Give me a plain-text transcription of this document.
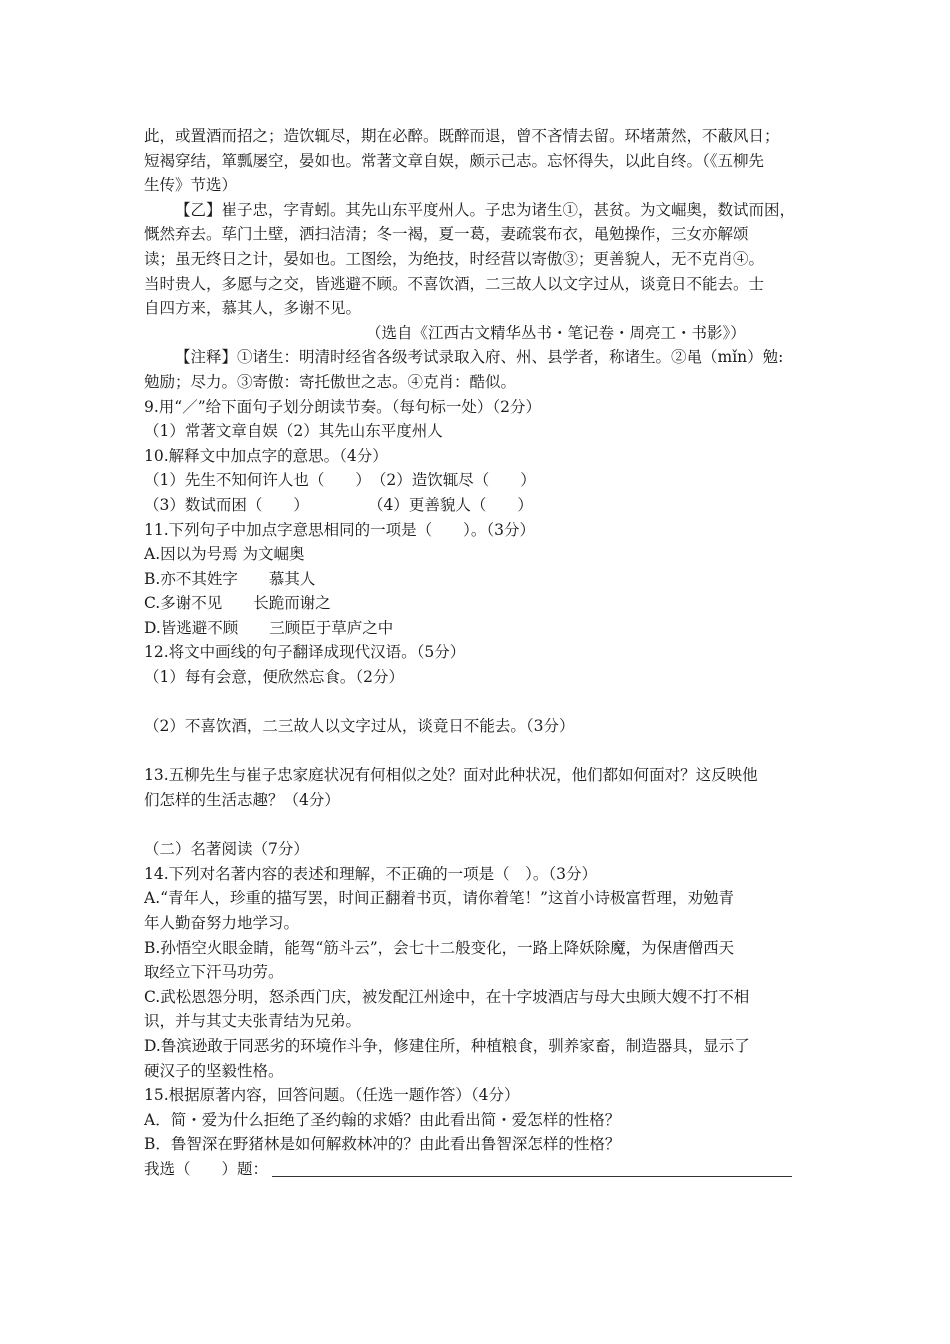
此，或置酒而招之；造饮辄尽，期在必醉。既醉而退，曾不吝情去留。环堵萧然，不蔽风日；
短褐穿结，箪瓢屡空，晏如也。常著文章自娱，颇示己志。忘怀得失，以此自终。（《五柳先
生传》节选）
【乙】崔子忠，字青蚓。其先山东平度州人。子忠为诸生①，甚贫。为文崛奥，数试而困，
慨然弃去。荜门土壁，洒扫洁清；冬一褐，夏一葛，妻疏裳布衣，黾勉操作，三女亦解颂
读；虽无终日之计，晏如也。工图绘，为绝技，时经营以寄傲③；更善貌人，无不克肖④。
当时贵人，多愿与之交，皆逃避不顾。不喜饮酒，二三故人以文字过从，谈竟日不能去。士
自四方来，慕其人，多谢不见。
（选自《江西古文精华丛书・笔记卷・周亮工・书影》）
【注释】①诸生：明清时经省各级考试录取入府、州、县学者，称诸生。②黾（mǐn）勉:
勉励；尽力。③寄傲：寄托傲世之志。④克肖：酷似。
9.用“／”给下面句子划分朗读节奏。（每句标一处）（2分）
（1）常著文章自娱（2）其先山东平度州人
10.解释文中加点字的意思。（4分）
（1）先生不知何许人也（　　）　（2）造饮辄尽（　　）
（3）数试而困（　　）　　　　 （4）更善貌人（　　）
11.下列句子中加点字意思相同的一项是（　　）。（3分）
A.因以为号焉 为文崛奥
B.亦不其姓字　　慕其人
C.多谢不见　　长跪而谢之
D.皆逃避不顾　　三顾臣于草庐之中
12.将文中画线的句子翻译成现代汉语。（5分）
（1）每有会意，便欣然忘食。（2分）
（2）不喜饮酒，二三故人以文字过从，谈竟日不能去。（3分）
13.五柳先生与崔子忠家庭状况有何相似之处？面对此种状况，他们都如何面对？这反映他
们怎样的生活志趣？（4分）
（二）名著阅读（7分）
14.下列对名著内容的表述和理解，不正确的一项是（　）。（3分）
A.“青年人，珍重的描写罢，时间正翻着书页，请你着笔！”这首小诗极富哲理，劝勉青
年人勤奋努力地学习。
B.孙悟空火眼金睛，能驾“筋斗云”，会七十二般变化，一路上降妖除魔，为保唐僧西天
取经立下汗马功劳。
C.武松恩怨分明，怒杀西门庆，被发配江州途中，在十字坡酒店与母大虫顾大嫂不打不相
识，并与其丈夫张青结为兄弟。
D.鲁滨逊敢于同恶劣的环境作斗争，修建住所，种植粮食，驯养家畜，制造器具，显示了
硬汉子的坚毅性格。
15.根据原著内容，回答问题。（任选一题作答）（4分）
A．简・爱为什么拒绝了圣约翰的求婚？由此看出简・爱怎样的性格？
B．鲁智深在野猪林是如何解救林冲的？由此看出鲁智深怎样的性格？
我选（　　）题：
